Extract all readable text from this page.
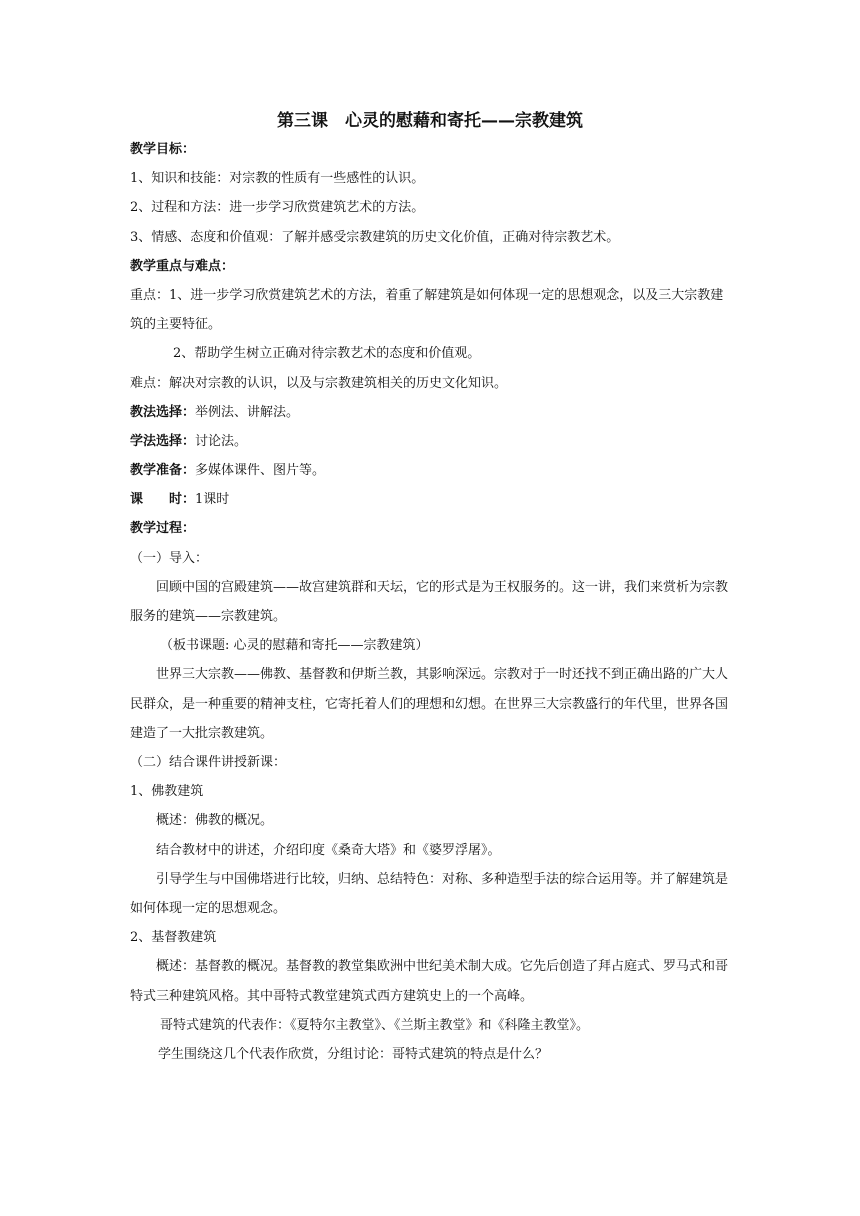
第三课　心灵的慰藉和寄托——宗教建筑
教学目标：
1、知识和技能：对宗教的性质有一些感性的认识。
2、过程和方法：进一步学习欣赏建筑艺术的方法。
3、情感、态度和价值观：了解并感受宗教建筑的历史文化价值，正确对待宗教艺术。
教学重点与难点：
重点：1、进一步学习欣赏建筑艺术的方法，着重了解建筑是如何体现一定的思想观念，以及三大宗教建筑的主要特征。
2、帮助学生树立正确对待宗教艺术的态度和价值观。
难点：解决对宗教的认识，以及与宗教建筑相关的历史文化知识。
教法选择：举例法、讲解法。
学法选择：讨论法。
教学准备：多媒体课件、图片等。
课　　时：1课时
教学过程：
（一）导入：
回顾中国的宫殿建筑——故宫建筑群和天坛，它的形式是为王权服务的。这一讲，我们来赏析为宗教服务的建筑——宗教建筑。
（板书课题: 心灵的慰藉和寄托——宗教建筑）
世界三大宗教——佛教、基督教和伊斯兰教，其影响深远。宗教对于一时还找不到正确出路的广大人民群众，是一种重要的精神支柱，它寄托着人们的理想和幻想。在世界三大宗教盛行的年代里，世界各国建造了一大批宗教建筑。
（二）结合课件讲授新课：
1、佛教建筑
概述：佛教的概况。
结合教材中的讲述，介绍印度《桑奇大塔》和《婆罗浮屠》。
引导学生与中国佛塔进行比较，归纳、总结特色：对称、多种造型手法的综合运用等。并了解建筑是如何体现一定的思想观念。
2、基督教建筑
概述：基督教的概况。基督教的教堂集欧洲中世纪美术制大成。它先后创造了拜占庭式、罗马式和哥特式三种建筑风格。其中哥特式教堂建筑式西方建筑史上的一个高峰。
哥特式建筑的代表作：《夏特尔主教堂》、《兰斯主教堂》和《科隆主教堂》。
学生围绕这几个代表作欣赏，分组讨论：哥特式建筑的特点是什么？
